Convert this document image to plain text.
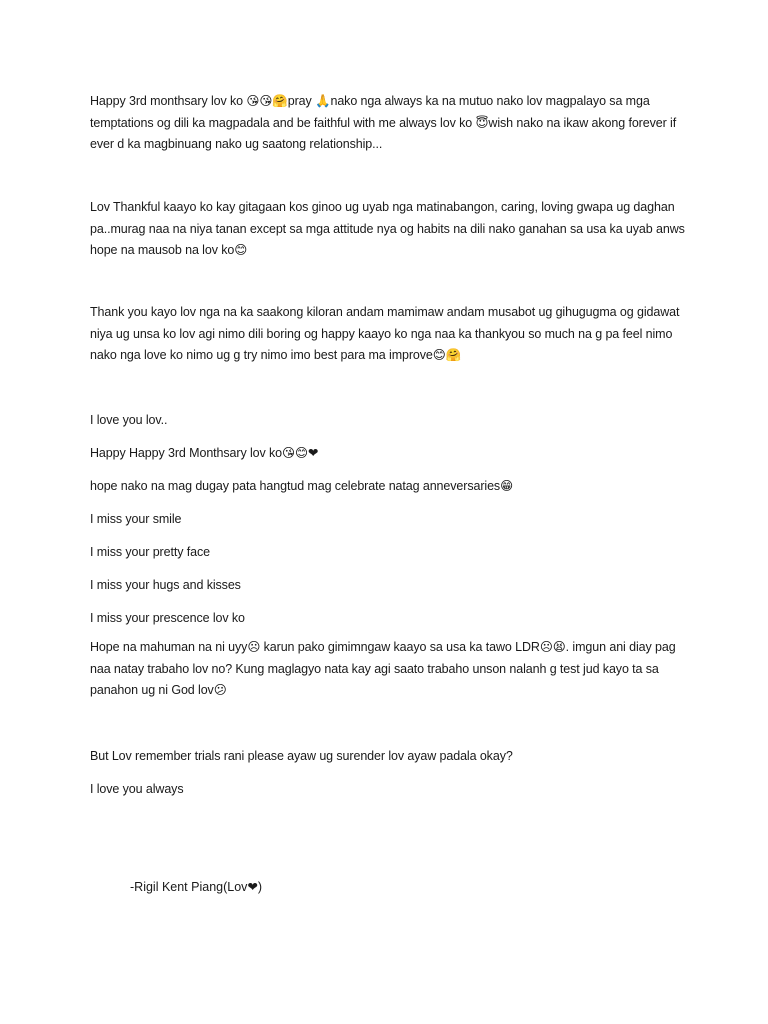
Happy 3rd monthsary lov ko 😘😘🤗pray 🙏nako nga always ka na mutuo nako lov magpalayo sa mga temptations og dili ka magpadala and be faithful with me always lov ko 😇wish nako na ikaw akong forever if ever d ka magbinuang nako ug saatong relationship...

Lov Thankful kaayo ko kay gitagaan kos ginoo ug uyab nga matinabangon, caring, loving gwapa ug daghan pa..murag naa na niya tanan except sa mga attitude nya og habits na dili nako ganahan sa usa ka uyab anws hope na mausob na lov ko😊

Thank you kayo lov nga na ka saakong kiloran andam mamimaw andam musabot ug gihugugma og gidawat niya ug unsa ko lov agi nimo dili boring og happy kaayo ko nga naa ka thankyou so much na g pa feel nimo nako nga love ko nimo ug g try nimo imo best para ma improve😊🤗

I love you lov..

Happy Happy 3rd Monthsary lov ko😘😊❤

hope nako na mag dugay pata hangtud mag celebrate natag anneversaries😁

I miss your smile

I miss your pretty face

I miss your hugs and kisses

I miss your prescence lov ko

Hope na mahuman na ni uyy☹ karun pako gimimngaw kaayo sa usa ka tawo LDR☹😫. imgun ani diay pag naa natay trabaho lov no? Kung maglagyo nata kay agi saato trabaho unson nalanh g test jud kayo ta sa panahon ug ni God lov😕

But Lov remember trials rani please ayaw ug surender lov ayaw padala okay?

I love you always

-Rigil Kent Piang(Lov❤)
